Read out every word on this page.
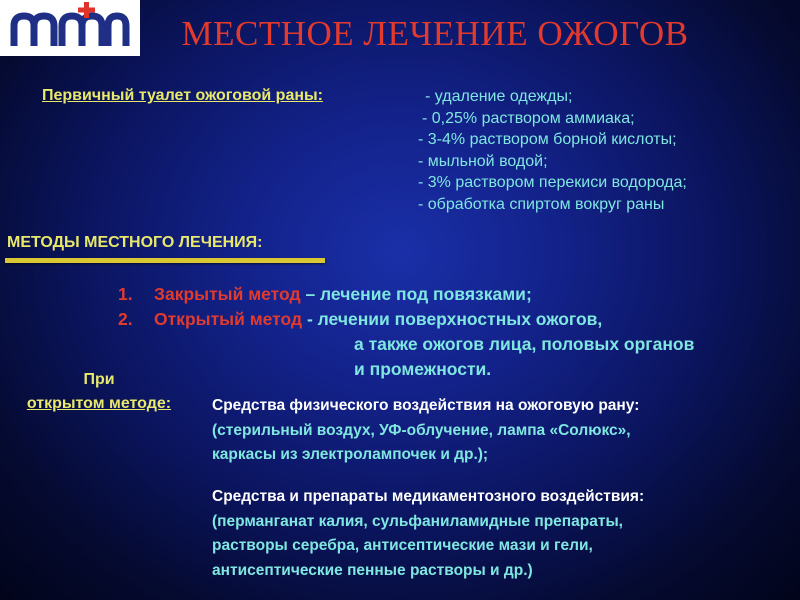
МЕСТНОЕ ЛЕЧЕНИЕ ОЖОГОВ
Первичный туалет ожоговой раны:	- удаление одежды;
- 0,25% раствором аммиака;
- 3-4% раствором борной кислоты;
- мыльной водой;
- 3% раствором перекиси водорода;
- обработка спиртом вокруг раны
МЕТОДЫ МЕСТНОГО ЛЕЧЕНИЯ:
1. Закрытый метод – лечение под повязками;
2. Открытый метод - лечении поверхностных ожогов,
а также ожогов лица, половых органов
и промежности.
При
открытом методе:	Средства физического воздействия на ожоговую рану:
(стерильный воздух, УФ-облучение, лампа «Солюкс»,
каркасы из электролампочек и др.);
Средства и препараты медикаментозного воздействия:
(перманганат калия, сульфаниламидные препараты,
растворы серебра, антисептические мази и гели,
антисептические пенные растворы и др.)
